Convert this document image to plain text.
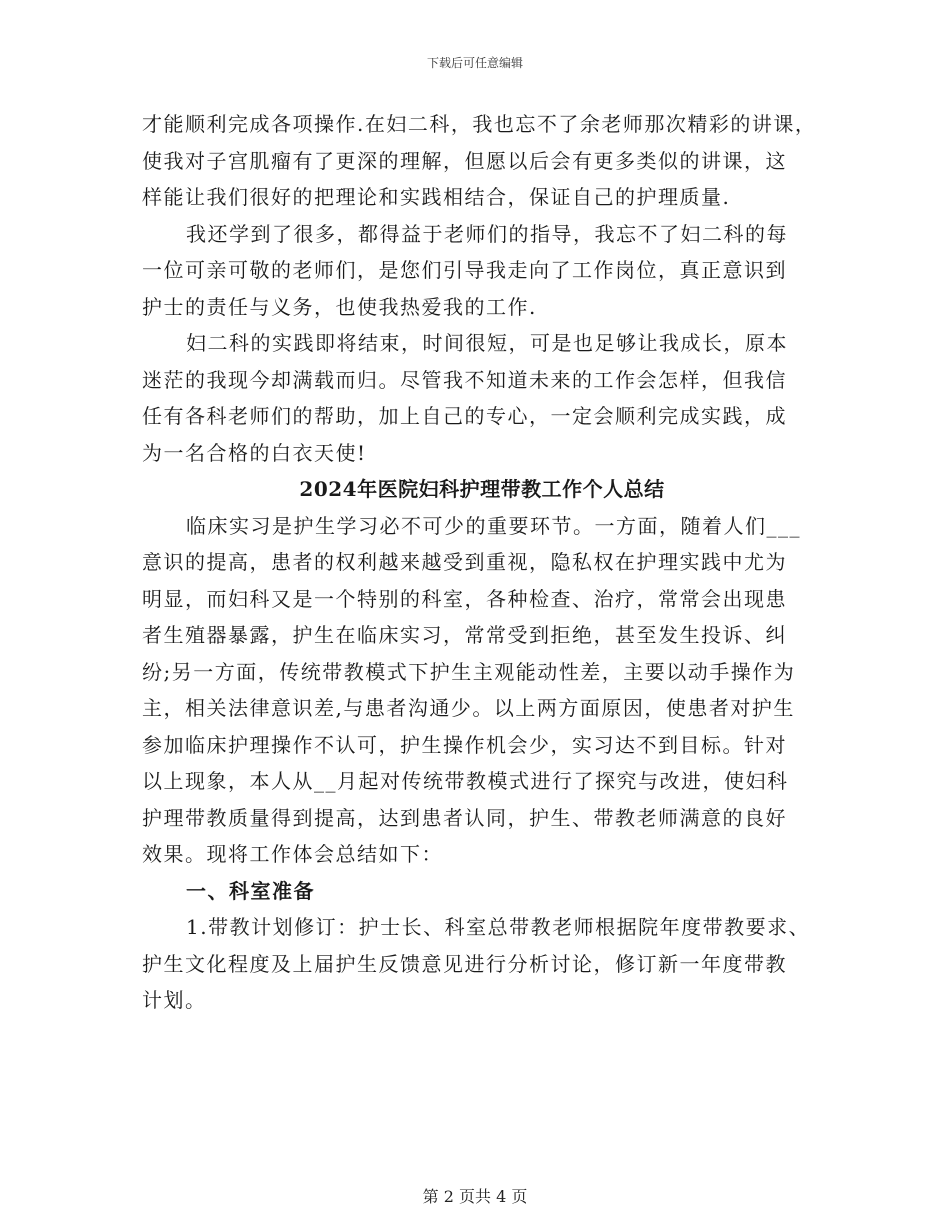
下载后可任意编辑
才能顺利完成各项操作.在妇二科，我也忘不了余老师那次精彩的讲课，
使我对子宫肌瘤有了更深的理解，但愿以后会有更多类似的讲课，这
样能让我们很好的把理论和实践相结合，保证自己的护理质量.
我还学到了很多，都得益于老师们的指导，我忘不了妇二科的每
一位可亲可敬的老师们，是您们引导我走向了工作岗位，真正意识到
护士的责任与义务，也使我热爱我的工作.
妇二科的实践即将结束，时间很短，可是也足够让我成长，原本
迷茫的我现今却满载而归。尽管我不知道未来的工作会怎样，但我信
任有各科老师们的帮助，加上自己的专心，一定会顺利完成实践，成
为一名合格的白衣天使!
2024年医院妇科护理带教工作个人总结
临床实习是护生学习必不可少的重要环节。一方面，随着人们___
意识的提高，患者的权利越来越受到重视，隐私权在护理实践中尤为
明显，而妇科又是一个特别的科室，各种检查、治疗，常常会出现患
者生殖器暴露，护生在临床实习，常常受到拒绝，甚至发生投诉、纠
纷;另一方面，传统带教模式下护生主观能动性差，主要以动手操作为
主，相关法律意识差,与患者沟通少。以上两方面原因，使患者对护生
参加临床护理操作不认可，护生操作机会少，实习达不到目标。针对
以上现象，本人从__月起对传统带教模式进行了探究与改进，使妇科
护理带教质量得到提高，达到患者认同，护生、带教老师满意的良好
效果。现将工作体会总结如下：
一、科室准备
1.带教计划修订：护士长、科室总带教老师根据院年度带教要求、
护生文化程度及上届护生反馈意见进行分析讨论，修订新一年度带教
计划。
第 2 页共 4 页
